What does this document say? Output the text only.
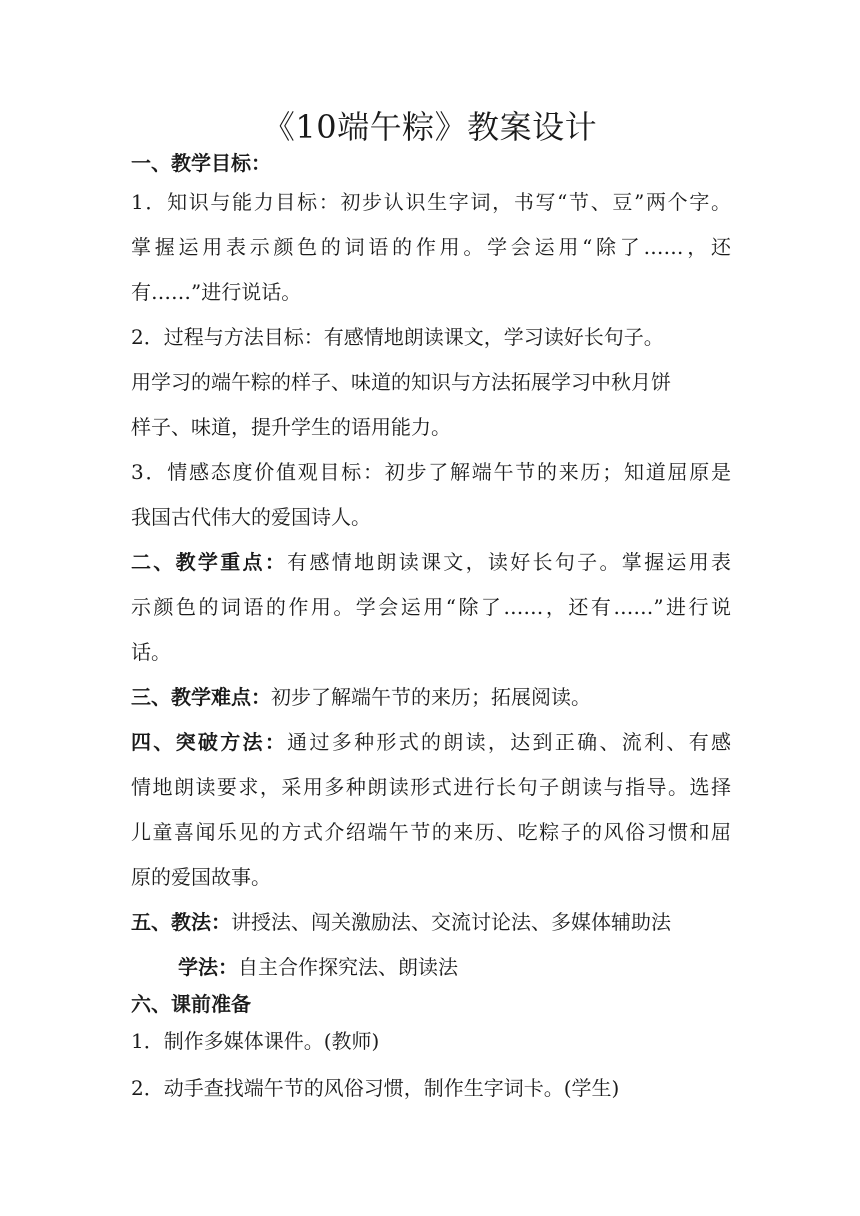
《10端午粽》教案设计
一、教学目标：
1．知识与能力目标：初步认识生字词，书写“节、豆”两个字。
掌握运用表示颜色的词语的作用。学会运用“除了……，还
有……”进行说话。
2．过程与方法目标：有感情地朗读课文，学习读好长句子。
用学习的端午粽的样子、味道的知识与方法拓展学习中秋月饼
样子、味道，提升学生的语用能力。
3．情感态度价值观目标：初步了解端午节的来历；知道屈原是
我国古代伟大的爱国诗人。
二、教学重点：有感情地朗读课文，读好长句子。掌握运用表
示颜色的词语的作用。学会运用“除了……，还有……”进行说
话。
三、教学难点：初步了解端午节的来历；拓展阅读。
四、突破方法：通过多种形式的朗读，达到正确、流利、有感
情地朗读要求，采用多种朗读形式进行长句子朗读与指导。选择
儿童喜闻乐见的方式介绍端午节的来历、吃粽子的风俗习惯和屈
原的爱国故事。
五、教法：讲授法、闯关激励法、交流讨论法、多媒体辅助法
学法：自主合作探究法、朗读法
六、课前准备
1．制作多媒体课件。(教师)
2．动手查找端午节的风俗习惯，制作生字词卡。(学生)
